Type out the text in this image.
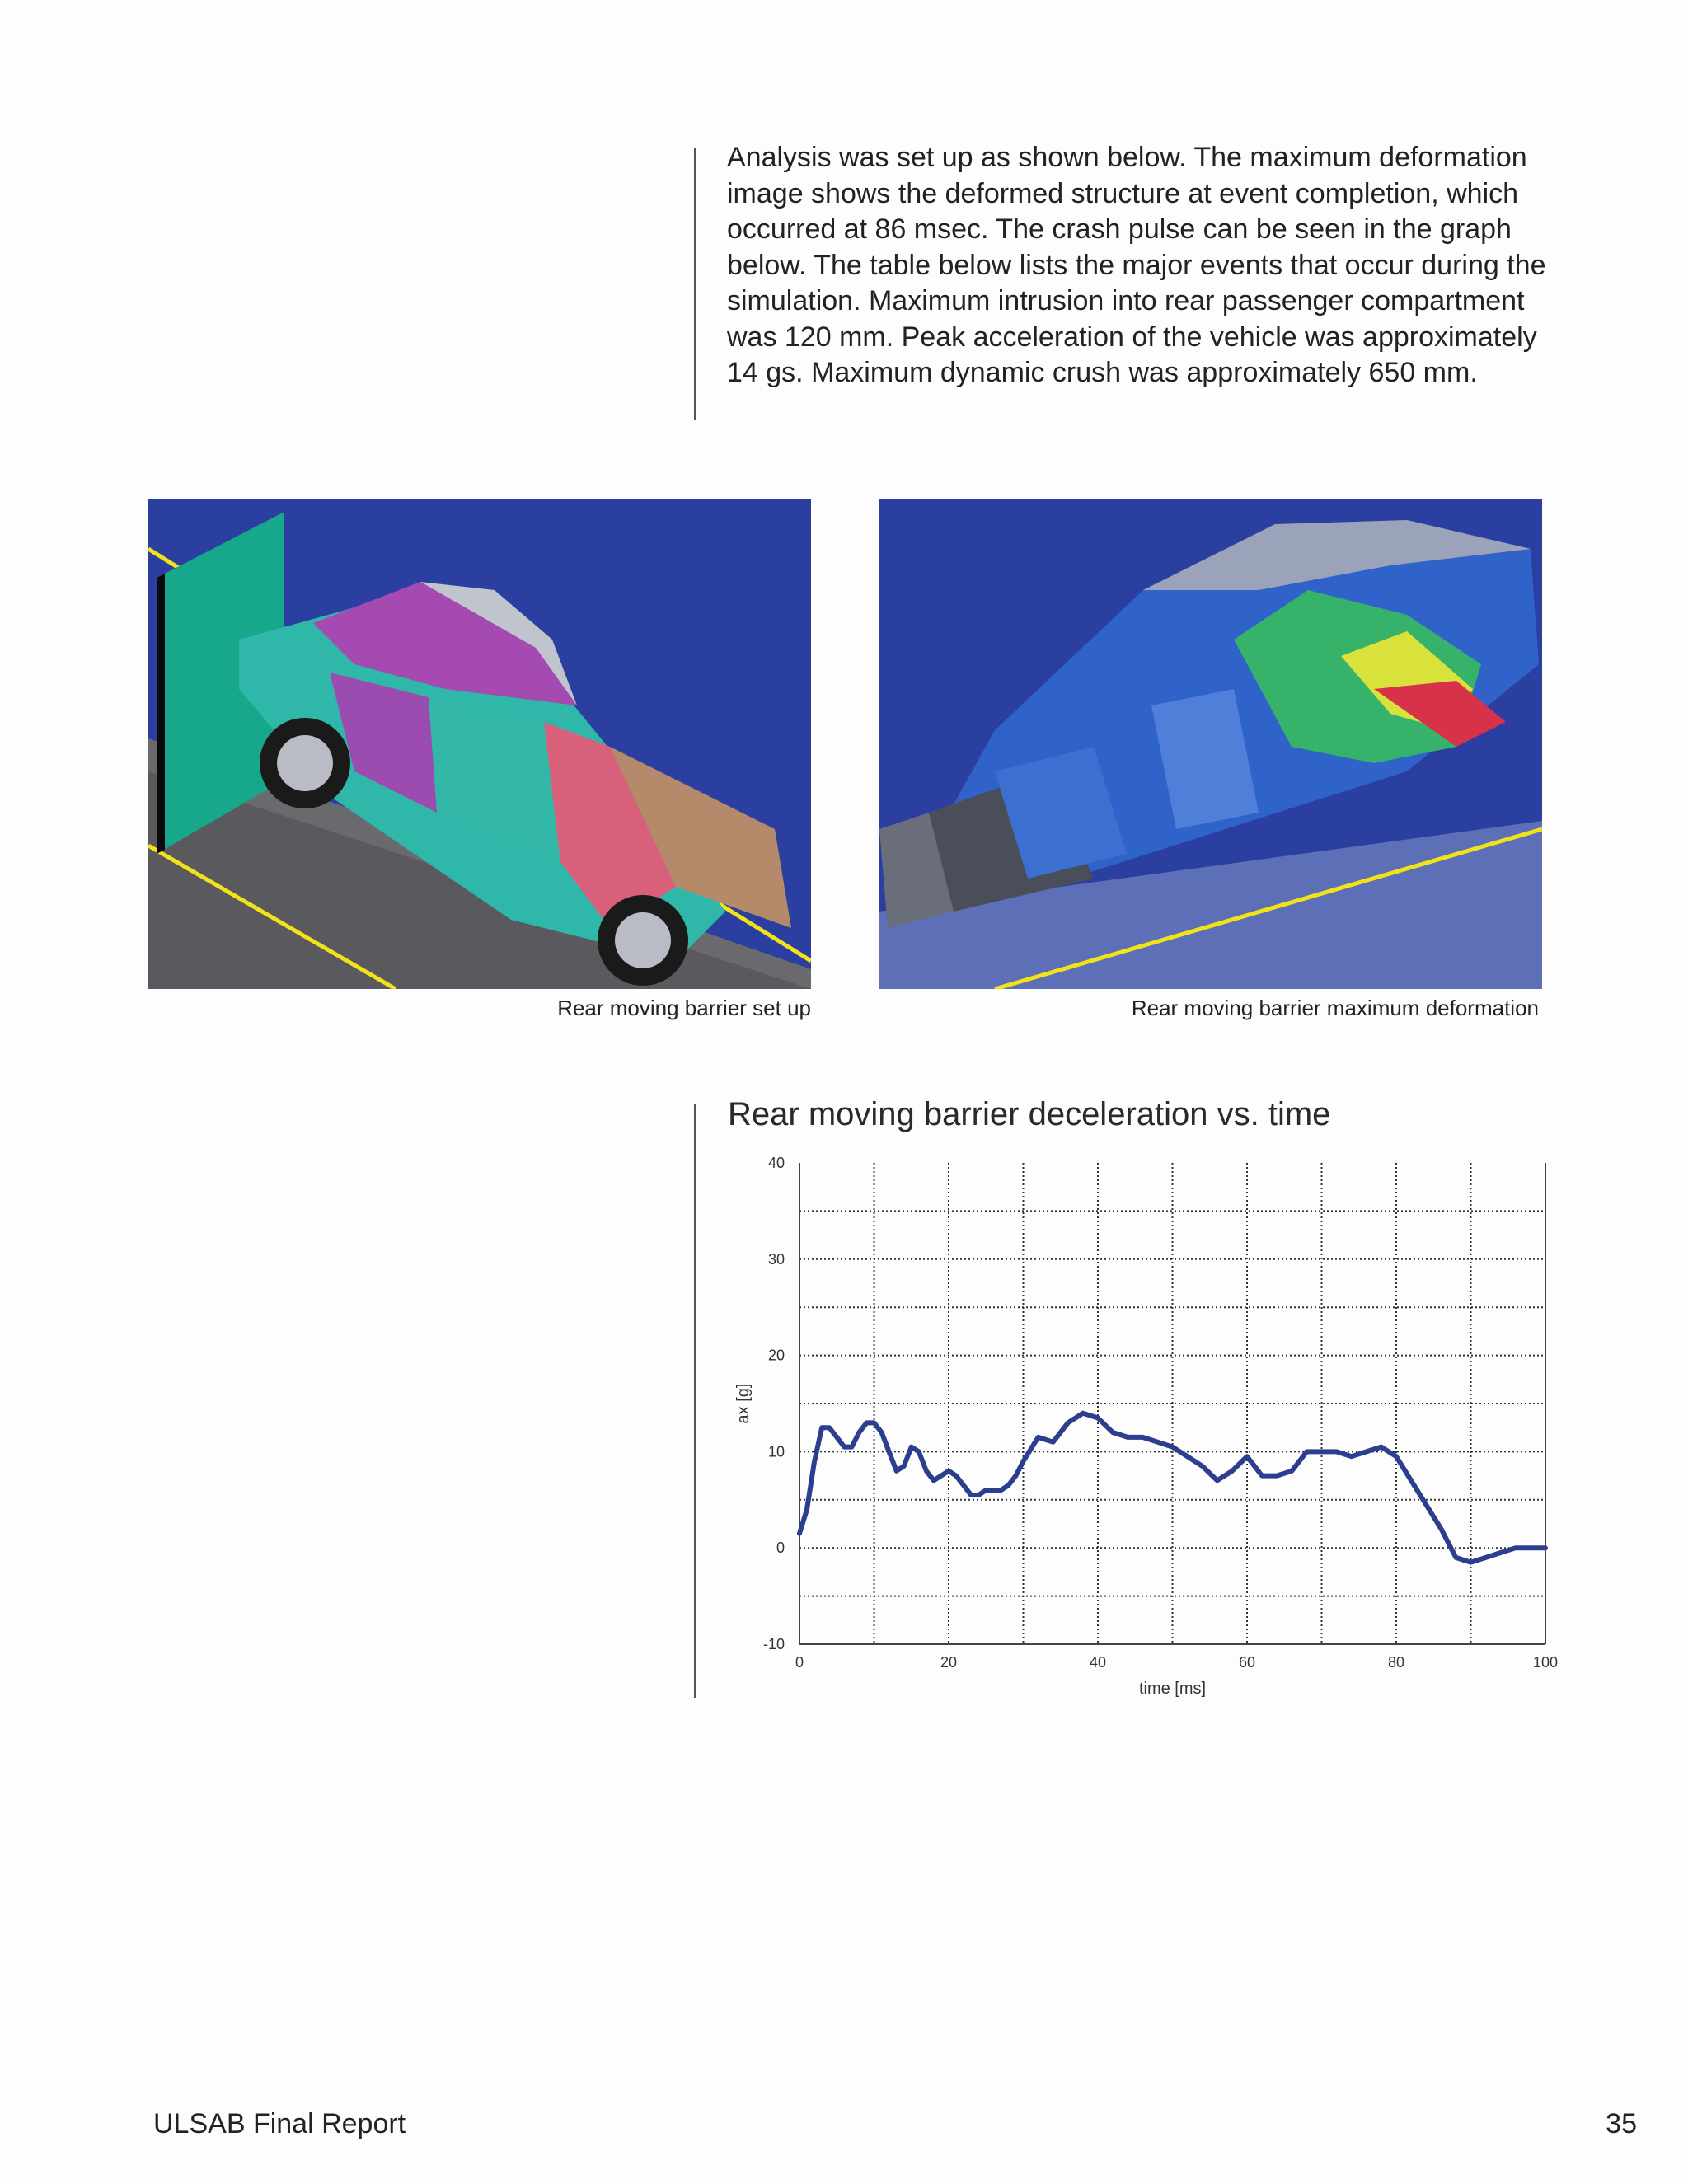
Analysis was set up as shown below. The maximum deformation image shows the deformed structure at event completion, which occurred at 86 msec. The crash pulse can be seen in the graph below. The table below lists the major events that occur during the simulation. Maximum intrusion into rear passenger compartment was 120 mm. Peak acceleration of the vehicle was approximately 14 gs. Maximum dynamic crush was approximately 650 mm.

Rear moving barrier set up	Rear moving barrier maximum deformation
Rear moving barrier deceleration vs. time
0	20	40	60	80	100
-10
0
10
20
30
40
time [ms]
ax [g]
ULSAB Final Report	35
